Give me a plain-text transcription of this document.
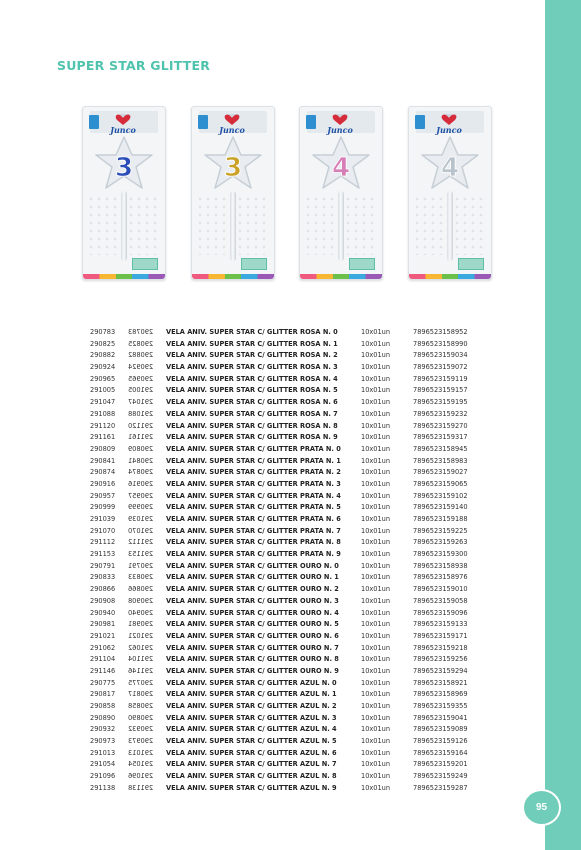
SUPER STAR GLITTER
Junco
3
Junco
3
Junco
4
Junco
4
290783	290783	VELA ANIV. SUPER STAR C/ GLITTER ROSA N. 0	10x01un	7896523158952
290825	290825	VELA ANIV. SUPER STAR C/ GLITTER ROSA N. 1	10x01un	7896523158990
290882	290882	VELA ANIV. SUPER STAR C/ GLITTER ROSA N. 2	10x01un	7896523159034
290924	290924	VELA ANIV. SUPER STAR C/ GLITTER ROSA N. 3	10x01un	7896523159072
290965	290965	VELA ANIV. SUPER STAR C/ GLITTER ROSA N. 4	10x01un	7896523159119
291005	291005	VELA ANIV. SUPER STAR C/ GLITTER ROSA N. 5	10x01un	7896523159157
291047	291047	VELA ANIV. SUPER STAR C/ GLITTER ROSA N. 6	10x01un	7896523159195
291088	291088	VELA ANIV. SUPER STAR C/ GLITTER ROSA N. 7	10x01un	7896523159232
291120	291120	VELA ANIV. SUPER STAR C/ GLITTER ROSA N. 8	10x01un	7896523159270
291161	291161	VELA ANIV. SUPER STAR C/ GLITTER ROSA N. 9	10x01un	7896523159317
290809	290809	VELA ANIV. SUPER STAR C/ GLITTER PRATA N. 0	10x01un	7896523158945
290841	290841	VELA ANIV. SUPER STAR C/ GLITTER PRATA N. 1	10x01un	7896523158983
290874	290874	VELA ANIV. SUPER STAR C/ GLITTER PRATA N. 2	10x01un	7896523159027
290916	290916	VELA ANIV. SUPER STAR C/ GLITTER PRATA N. 3	10x01un	7896523159065
290957	290957	VELA ANIV. SUPER STAR C/ GLITTER PRATA N. 4	10x01un	7896523159102
290999	290999	VELA ANIV. SUPER STAR C/ GLITTER PRATA N. 5	10x01un	7896523159140
291039	291039	VELA ANIV. SUPER STAR C/ GLITTER PRATA N. 6	10x01un	7896523159188
291070	291070	VELA ANIV. SUPER STAR C/ GLITTER PRATA N. 7	10x01un	7896523159225
291112	291112	VELA ANIV. SUPER STAR C/ GLITTER PRATA N. 8	10x01un	7896523159263
291153	291153	VELA ANIV. SUPER STAR C/ GLITTER PRATA N. 9	10x01un	7896523159300
290791	290791	VELA ANIV. SUPER STAR C/ GLITTER OURO N. 0	10x01un	7896523158938
290833	290833	VELA ANIV. SUPER STAR C/ GLITTER OURO N. 1	10x01un	7896523158976
290866	290866	VELA ANIV. SUPER STAR C/ GLITTER OURO N. 2	10x01un	7896523159010
290908	290908	VELA ANIV. SUPER STAR C/ GLITTER OURO N. 3	10x01un	7896523159058
290940	290940	VELA ANIV. SUPER STAR C/ GLITTER OURO N. 4	10x01un	7896523159096
290981	290981	VELA ANIV. SUPER STAR C/ GLITTER OURO N. 5	10x01un	7896523159133
291021	291021	VELA ANIV. SUPER STAR C/ GLITTER OURO N. 6	10x01un	7896523159171
291062	291062	VELA ANIV. SUPER STAR C/ GLITTER OURO N. 7	10x01un	7896523159218
291104	291104	VELA ANIV. SUPER STAR C/ GLITTER OURO N. 8	10x01un	7896523159256
291146	291146	VELA ANIV. SUPER STAR C/ GLITTER OURO N. 9	10x01un	7896523159294
290775	290775	VELA ANIV. SUPER STAR C/ GLITTER AZUL N. 0	10x01un	7896523158921
290817	290817	VELA ANIV. SUPER STAR C/ GLITTER AZUL N. 1	10x01un	7896523158969
290858	290858	VELA ANIV. SUPER STAR C/ GLITTER AZUL N. 2	10x01un	7896523159355
290890	290890	VELA ANIV. SUPER STAR C/ GLITTER AZUL N. 3	10x01un	7896523159041
290932	290932	VELA ANIV. SUPER STAR C/ GLITTER AZUL N. 4	10x01un	7896523159089
290973	290973	VELA ANIV. SUPER STAR C/ GLITTER AZUL N. 5	10x01un	7896523159126
291013	291013	VELA ANIV. SUPER STAR C/ GLITTER AZUL N. 6	10x01un	7896523159164
291054	291054	VELA ANIV. SUPER STAR C/ GLITTER AZUL N. 7	10x01un	7896523159201
291096	291096	VELA ANIV. SUPER STAR C/ GLITTER AZUL N. 8	10x01un	7896523159249
291138	291138	VELA ANIV. SUPER STAR C/ GLITTER AZUL N. 9	10x01un	7896523159287
95
